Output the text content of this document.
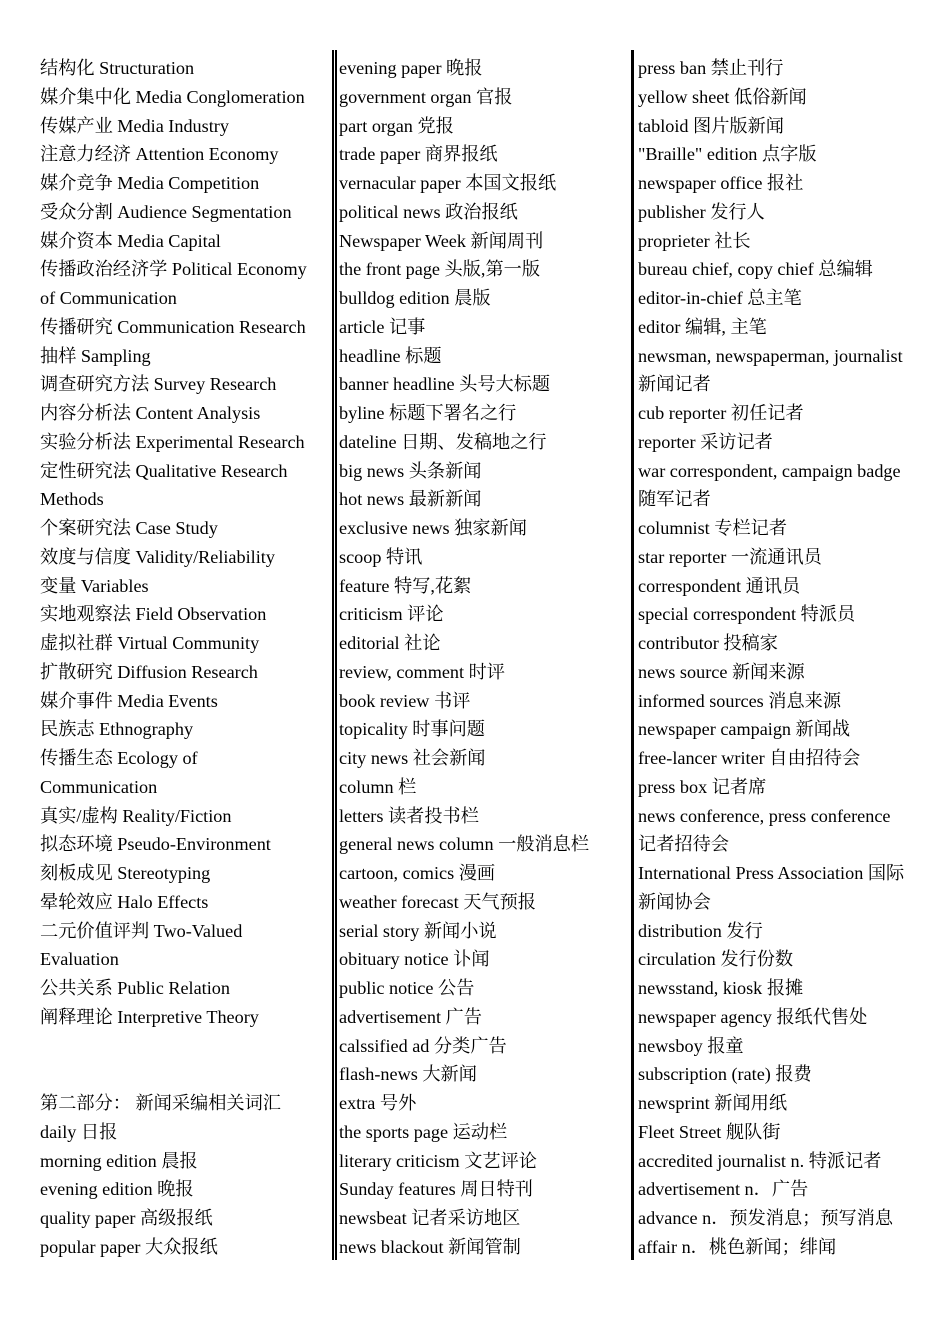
结构化 Structuration
媒介集中化 Media Conglomeration
传媒产业 Media Industry
注意力经济 Attention Economy
媒介竞争 Media Competition
受众分割 Audience Segmentation
媒介资本 Media Capital
传播政治经济学 Political Economy
of Communication
传播研究 Communication Research
抽样 Sampling
调查研究方法 Survey Research
内容分析法 Content Analysis
实验分析法 Experimental Research
定性研究法 Qualitative Research
Methods
个案研究法 Case Study
效度与信度 Validity/Reliability
变量 Variables
实地观察法 Field Observation
虚拟社群 Virtual Community
扩散研究 Diffusion Research
媒介事件 Media Events
民族志 Ethnography
传播生态 Ecology of
Communication
真实/虚构 Reality/Fiction
拟态环境 Pseudo-Environment
刻板成见 Stereotyping
晕轮效应 Halo Effects
二元价值评判 Two-Valued
Evaluation
公共关系 Public Relation
阐释理论 Interpretive Theory
第二部分： 新闻采编相关词汇
daily 日报
morning edition 晨报
evening edition 晚报
quality paper 高级报纸
popular paper 大众报纸
evening paper 晚报
government organ 官报
part organ 党报
trade paper 商界报纸
vernacular paper 本国文报纸
political news 政治报纸
Newspaper Week 新闻周刊
the front page 头版,第一版
bulldog edition 晨版
article 记事
headline 标题
banner headline 头号大标题
byline 标题下署名之行
dateline 日期、发稿地之行
big news 头条新闻
hot news 最新新闻
exclusive news 独家新闻
scoop 特讯
feature 特写,花絮
criticism 评论
editorial 社论
review, comment 时评
book review 书评
topicality 时事问题
city news 社会新闻
column 栏
letters 读者投书栏
general news column 一般消息栏
cartoon, comics 漫画
weather forecast 天气预报
serial story 新闻小说
obituary notice 讣闻
public notice 公告
advertisement 广告
calssified ad 分类广告
flash-news 大新闻
extra 号外
the sports page 运动栏
literary criticism 文艺评论
Sunday features 周日特刊
newsbeat 记者采访地区
news blackout 新闻管制
press ban 禁止刊行
yellow sheet 低俗新闻
tabloid 图片版新闻
"Braille" edition 点字版
newspaper office 报社
publisher 发行人
proprieter 社长
bureau chief, copy chief 总编辑
editor-in-chief 总主笔
editor 编辑, 主笔
newsman, newspaperman, journalist
新闻记者
cub reporter 初任记者
reporter 采访记者
war correspondent, campaign badge
随军记者
columnist 专栏记者
star reporter 一流通讯员
correspondent 通讯员
special correspondent 特派员
contributor 投稿家
news source 新闻来源
informed sources 消息来源
newspaper campaign 新闻战
free-lancer writer 自由招待会
press box 记者席
news conference, press conference
记者招待会
International Press Association 国际
新闻协会
distribution 发行
circulation 发行份数
newsstand, kiosk 报摊
newspaper agency 报纸代售处
newsboy 报童
subscription (rate) 报费
newsprint 新闻用纸
Fleet Street 舰队街
accredited journalist n. 特派记者
advertisement n．广告
advance n．预发消息；预写消息
affair n．桃色新闻；绯闻
